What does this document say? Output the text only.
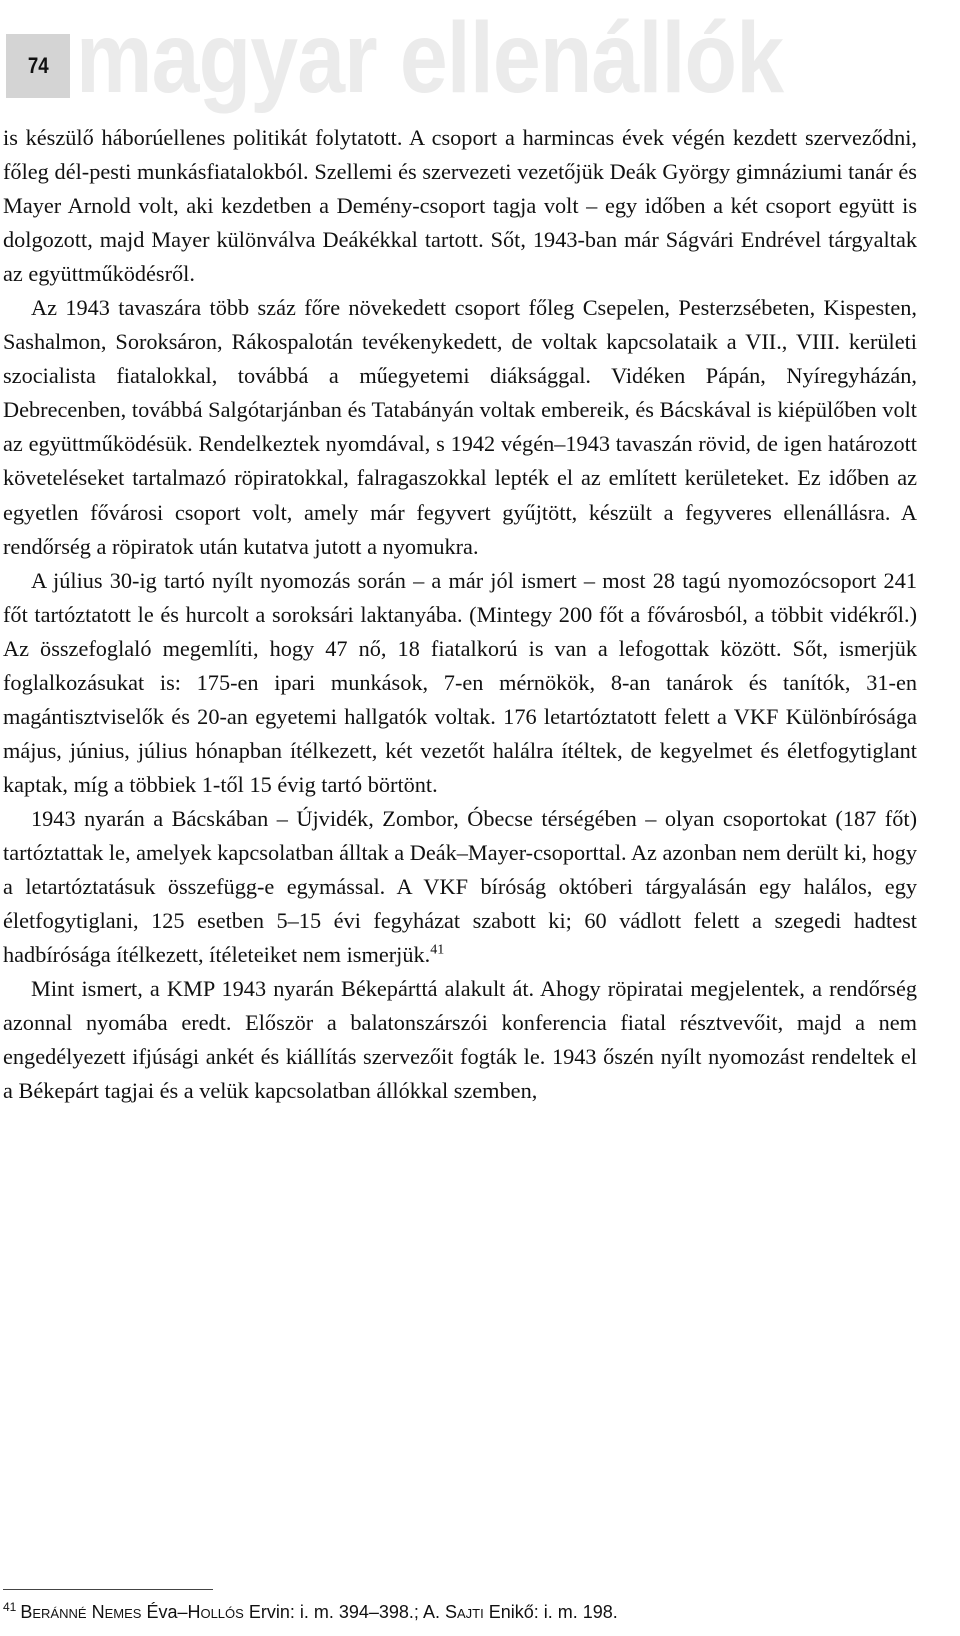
magyar ellenállók
74

is készülő háborúellenes politikát folytatott. A csoport a harmincas évek végén kezdett szerveződni, főleg dél-pesti munkásfiatalokból. Szellemi és szervezeti vezetőjük Deák György gimnáziumi tanár és Mayer Arnold volt, aki kezdetben a Demény-csoport tagja volt – egy időben a két csoport együtt is dolgozott, majd Mayer különválva Deákékkal tartott. Sőt, 1943-ban már Ságvári Endrével tárgyaltak az együttműködésről.

Az 1943 tavaszára több száz főre növekedett csoport főleg Csepelen, Pesterzsébeten, Kispesten, Sashalmon, Soroksáron, Rákospalotán tevékenykedett, de voltak kapcsolataik a VII., VIII. kerületi szocialista fiatalokkal, továbbá a műegyetemi diáksággal. Vidéken Pápán, Nyíregyházán, Debrecenben, továbbá Salgótarjánban és Tatabányán voltak embereik, és Bácskával is kiépülőben volt az együttműködésük. Rendelkeztek nyomdával, s 1942 végén–1943 tavaszán rövid, de igen határozott követeléseket tartalmazó röpiratokkal, falragaszokkal lepték el az említett kerületeket. Ez időben az egyetlen fővárosi csoport volt, amely már fegyvert gyűjtött, készült a fegyveres ellenállásra. A rendőrség a röpiratok után kutatva jutott a nyomukra.

A július 30-ig tartó nyílt nyomozás során – a már jól ismert – most 28 tagú nyomozócsoport 241 főt tartóztatott le és hurcolt a soroksári laktanyába. (Mintegy 200 főt a fővárosból, a többit vidékről.) Az összefoglaló megemlíti, hogy 47 nő, 18 fiatalkorú is van a lefogottak között. Sőt, ismerjük foglalkozásukat is: 175-en ipari munkások, 7-en mérnökök, 8-an tanárok és tanítók, 31-en magántisztviselők és 20-an egyetemi hallgatók voltak. 176 letartóztatott felett a VKF Különbírósága május, június, július hónapban ítélkezett, két vezetőt halálra ítéltek, de kegyelmet és életfogytiglant kaptak, míg a többiek 1-től 15 évig tartó börtönt.

1943 nyarán a Bácskában – Újvidék, Zombor, Óbecse térségében – olyan csoportokat (187 főt) tartóztattak le, amelyek kapcsolatban álltak a Deák–Mayer-csoporttal. Az azonban nem derült ki, hogy a letartóztatásuk összefügg-e egymással. A VKF bíróság októberi tárgyalásán egy halálos, egy életfogytiglani, 125 esetben 5–15 évi fegyházat szabott ki; 60 vádlott felett a szegedi hadtest hadbírósága ítélkezett, ítéleteiket nem ismerjük.$^{41}$

Mint ismert, a KMP 1943 nyarán Békepárttá alakult át. Ahogy röpiratai megjelentek, a rendőrség azonnal nyomába eredt. Először a balatonszárszói konferencia fiatal résztvevőit, majd a nem engedélyezett ifjúsági ankét és kiállítás szervezőit fogták le. 1943 őszén nyílt nyomozást rendeltek el a Békepárt tagjai és a velük kapcsolatban állókkal szemben,

$^{41}$ Beránné Nemes Éva–Hollós Ervin: i. m. 394–398.; A. Sajti Enikő: i. m. 198.
